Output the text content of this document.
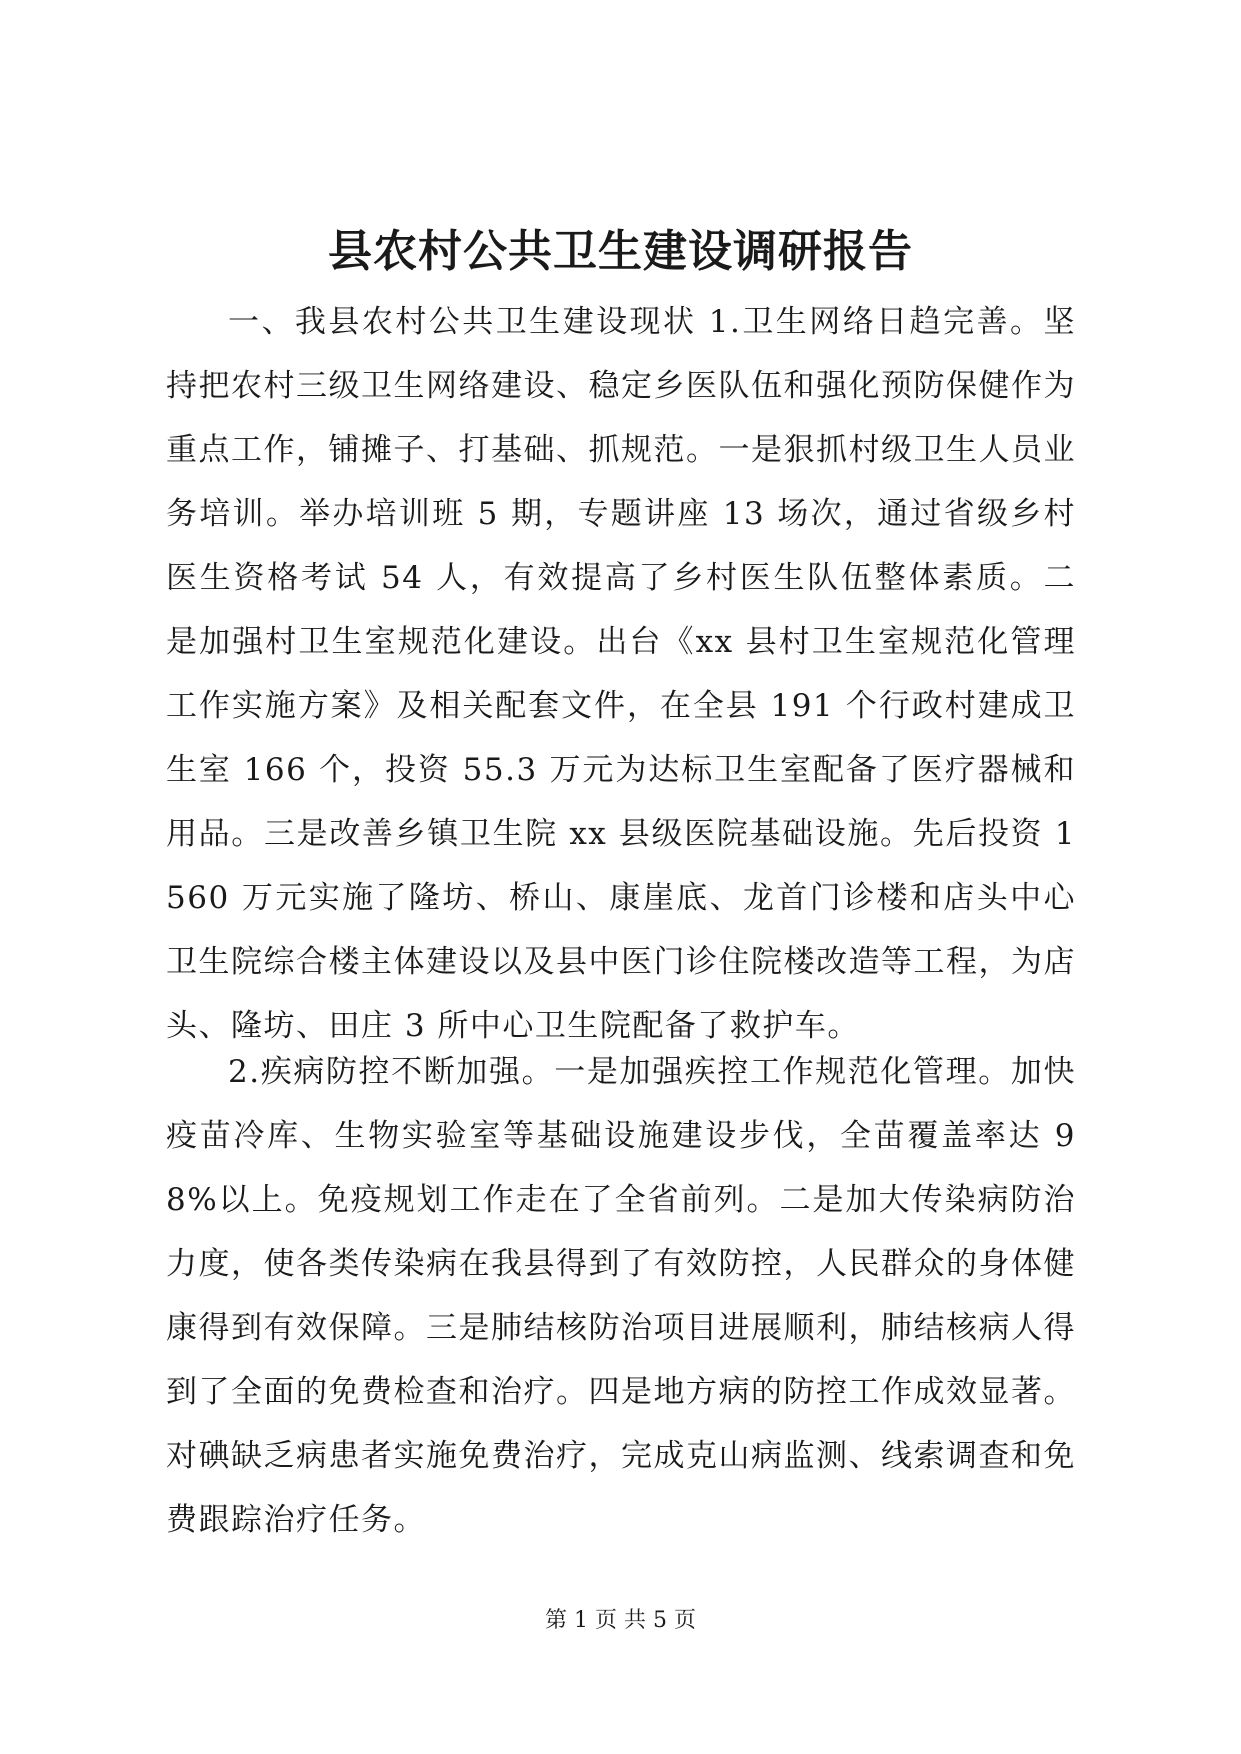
县农村公共卫生建设调研报告

一、我县农村公共卫生建设现状 1.卫生网络日趋完善。坚持把农村三级卫生网络建设、稳定乡医队伍和强化预防保健作为重点工作，铺摊子、打基础、抓规范。一是狠抓村级卫生人员业务培训。举办培训班 5 期，专题讲座 13 场次，通过省级乡村医生资格考试 54 人，有效提高了乡村医生队伍整体素质。二是加强村卫生室规范化建设。出台《xx 县村卫生室规范化管理工作实施方案》及相关配套文件，在全县 191 个行政村建成卫生室 166 个，投资 55.3 万元为达标卫生室配备了医疗器械和用品。三是改善乡镇卫生院 xx 县级医院基础设施。先后投资 1560 万元实施了隆坊、桥山、康崖底、龙首门诊楼和店头中心卫生院综合楼主体建设以及县中医门诊住院楼改造等工程，为店头、隆坊、田庄 3 所中心卫生院配备了救护车。

2.疾病防控不断加强。一是加强疾控工作规范化管理。加快疫苗冷库、生物实验室等基础设施建设步伐，全苗覆盖率达 98%以上。免疫规划工作走在了全省前列。二是加大传染病防治力度，使各类传染病在我县得到了有效防控，人民群众的身体健康得到有效保障。三是肺结核防治项目进展顺利，肺结核病人得到了全面的免费检查和治疗。四是地方病的防控工作成效显著。对碘缺乏病患者实施免费治疗，完成克山病监测、线索调查和免费跟踪治疗任务。

第 1 页 共 5 页
